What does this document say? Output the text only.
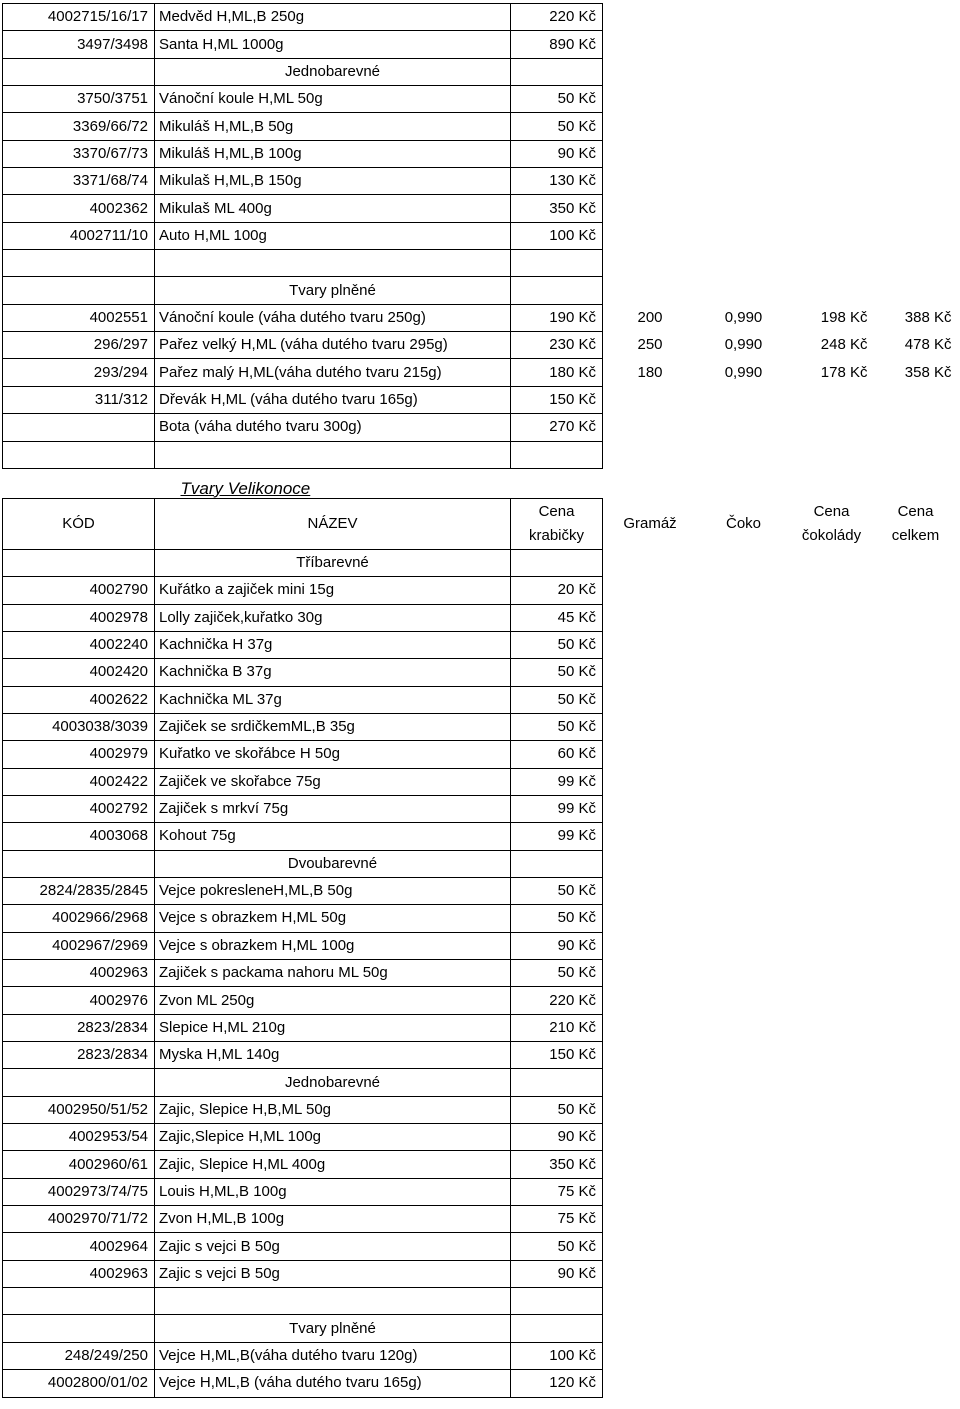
4002715/16/17	Medvěd H,ML,B 250g	220 Kč				
3497/3498	Santa H,ML 1000g	890 Kč				
	Jednobarevné					
3750/3751	Vánoční koule H,ML 50g	50 Kč				
3369/66/72	Mikuláš H,ML,B 50g	50 Kč				
3370/67/73	Mikuláš H,ML,B 100g	90 Kč				
3371/68/74	Mikulaš H,ML,B 150g	130 Kč				
4002362	Mikulaš ML 400g	350 Kč				
4002711/10	Auto H,ML 100g	100 Kč				

	Tvary plněné					
4002551	Vánoční koule (váha dutého tvaru 250g)	190 Kč	200	0,990	198 Kč	388 Kč
296/297	Pařez velký H,ML (váha dutého tvaru 295g)	230 Kč	250	0,990	248 Kč	478 Kč
293/294	Pařez malý H,ML(váha dutého tvaru 215g)	180 Kč	180	0,990	178 Kč	358 Kč
311/312	Dřevák H,ML (váha dutého tvaru 165g)	150 Kč				
	Bota (váha dutého tvaru 300g)	270 Kč				

	Tvary Velikonoce					
KÓD	NÁZEV	Cena krabičky	Gramáž	Čoko	Cena čokolády	Cena celkem
	Tříbarevné					
4002790	Kuřátko a zajiček mini 15g	20 Kč				
4002978	Lolly zajiček,kuřatko 30g	45 Kč				
4002240	Kachnička H 37g	50 Kč				
4002420	Kachnička B 37g	50 Kč				
4002622	Kachnička ML 37g	50 Kč				
4003038/3039	Zajiček se srdičkemML,B 35g	50 Kč				
4002979	Kuřatko ve skořábce H 50g	60 Kč				
4002422	Zajiček ve skořabce 75g	99 Kč				
4002792	Zajiček s mrkví 75g	99 Kč				
4003068	Kohout 75g	99 Kč				
	Dvoubarevné					
2824/2835/2845	Vejce pokresleneH,ML,B 50g	50 Kč				
4002966/2968	Vejce s obrazkem H,ML 50g	50 Kč				
4002967/2969	Vejce s obrazkem H,ML 100g	90 Kč				
4002963	Zajiček s packama nahoru ML 50g	50 Kč				
4002976	Zvon ML 250g	220 Kč				
2823/2834	Slepice H,ML 210g	210 Kč				
2823/2834	Myska H,ML 140g	150 Kč				
	Jednobarevné					
4002950/51/52	Zajic, Slepice H,B,ML 50g	50 Kč				
4002953/54	Zajic,Slepice H,ML 100g	90 Kč				
4002960/61	Zajic, Slepice H,ML 400g	350 Kč				
4002973/74/75	Louis H,ML,B 100g	75 Kč				
4002970/71/72	Zvon H,ML,B 100g	75 Kč				
4002964	Zajic s vejci B 50g	50 Kč				
4002963	Zajic s vejci B 50g	90 Kč				

	Tvary plněné					
248/249/250	Vejce H,ML,B(váha dutého tvaru 120g)	100 Kč				
4002800/01/02	Vejce H,ML,B (váha dutého tvaru 165g)	120 Kč				
